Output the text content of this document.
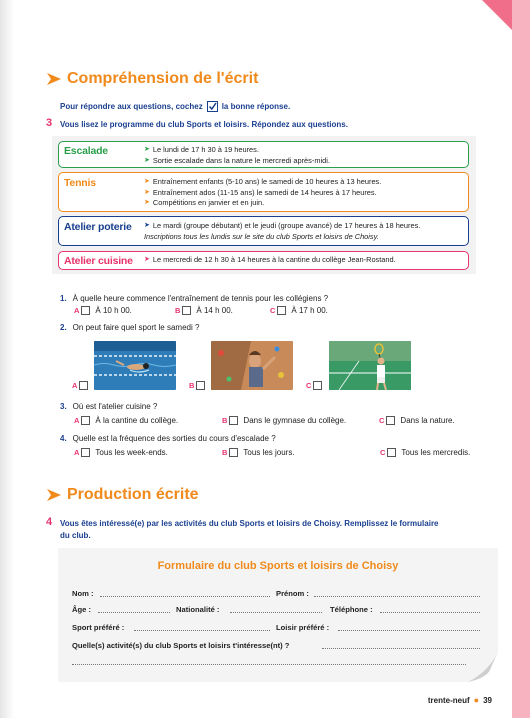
Compréhension de l'écrit
Pour répondre aux questions, cochez la bonne réponse.
3 Vous lisez le programme du club Sports et loisirs. Répondez aux questions.
Escalade	➤ Le lundi de 17 h 30 à 19 heures.
➤ Sortie escalade dans la nature le mercredi après-midi.
Tennis	➤ Entraînement enfants (5-10 ans) le samedi de 10 heures à 13 heures.
➤ Entraînement ados (11-15 ans) le samedi de 14 heures à 17 heures.
➤ Compétitions en janvier et en juin.
Atelier poterie	➤ Le mardi (groupe débutant) et le jeudi (groupe avancé) de 17 heures à 18 heures.
Inscriptions tous les lundis sur le site du club Sports et loisirs de Choisy.
Atelier cuisine	➤ Le mercredi de 12 h 30 à 14 heures à la cantine du collège Jean-Rostand.
1. À quelle heure commence l'entraînement de tennis pour les collégiens ?
A À 10 h 00.	B À 14 h 00.	C À 17 h 00.
2. On peut faire quel sport le samedi ?
A	B	C
3. Où est l'atelier cuisine ?
A À la cantine du collège.	B Dans le gymnase du collège.	C Dans la nature.
4. Quelle est la fréquence des sorties du cours d'escalade ?
A Tous les week-ends.	B Tous les jours.	C Tous les mercredis.
Production écrite
4 Vous êtes intéressé(e) par les activités du club Sports et loisirs de Choisy. Remplissez le formulaire
du club.
Formulaire du club Sports et loisirs de Choisy
Nom :	Prénom :
Âge :	Nationalité :	Téléphone :
Sport préféré :	Loisir préféré :
Quelle(s) activité(s) du club Sports et loisirs t'intéresse(nt) ?
trente-neuf ● 39
